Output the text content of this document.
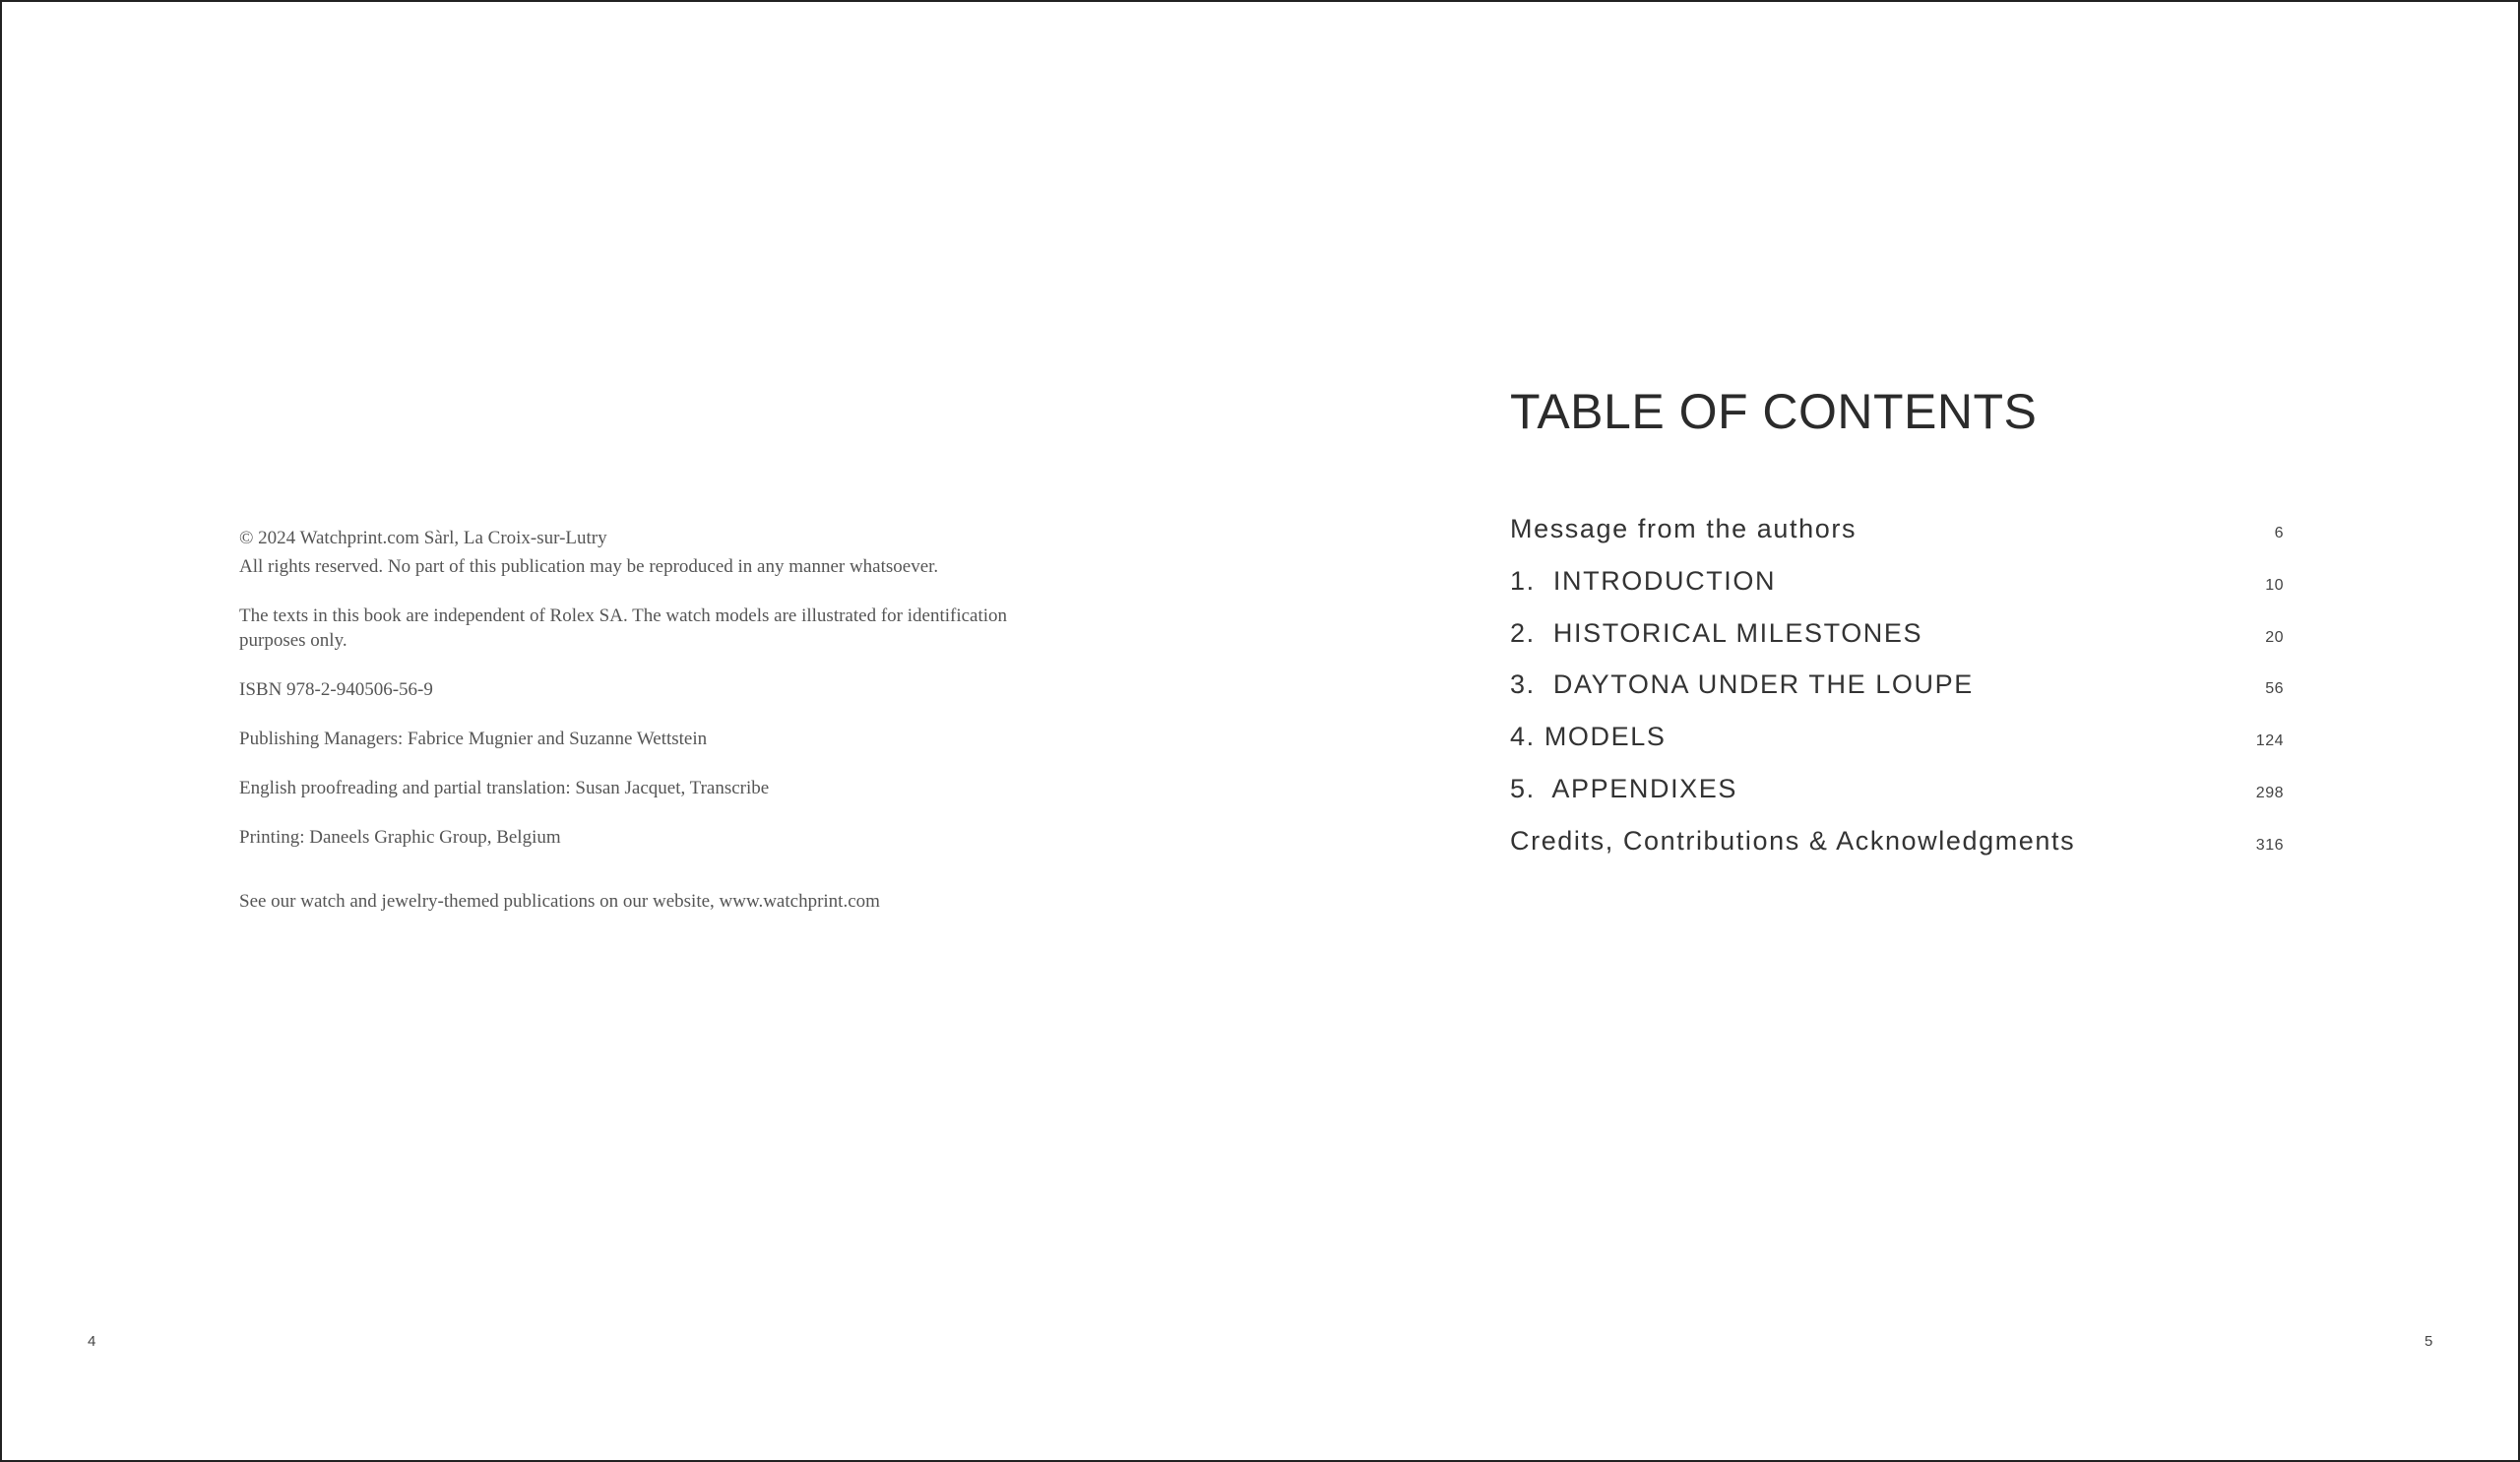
© 2024 Watchprint.com Sàrl, La Croix-sur-Lutry

All rights reserved. No part of this publication may be reproduced in any manner whatsoever.

The texts in this book are independent of Rolex SA. The watch models are illustrated for identification

purposes only.

ISBN 978-2-940506-56-9

Publishing Managers: Fabrice Mugnier and Suzanne Wettstein

English proofreading and partial translation: Susan Jacquet, Transcribe

Printing: Daneels Graphic Group, Belgium

See our watch and jewelry-themed publications on our website, www.watchprint.com

TABLE OF CONTENTS
Message from the authors	6
1.  INTRODUCTION	10
2.  HISTORICAL MILESTONES	20
3.  DAYTONA UNDER THE LOUPE	56
4. MODELS	124
5.  APPENDIXES	298
Credits, Contributions & Acknowledgments	316
4	5
